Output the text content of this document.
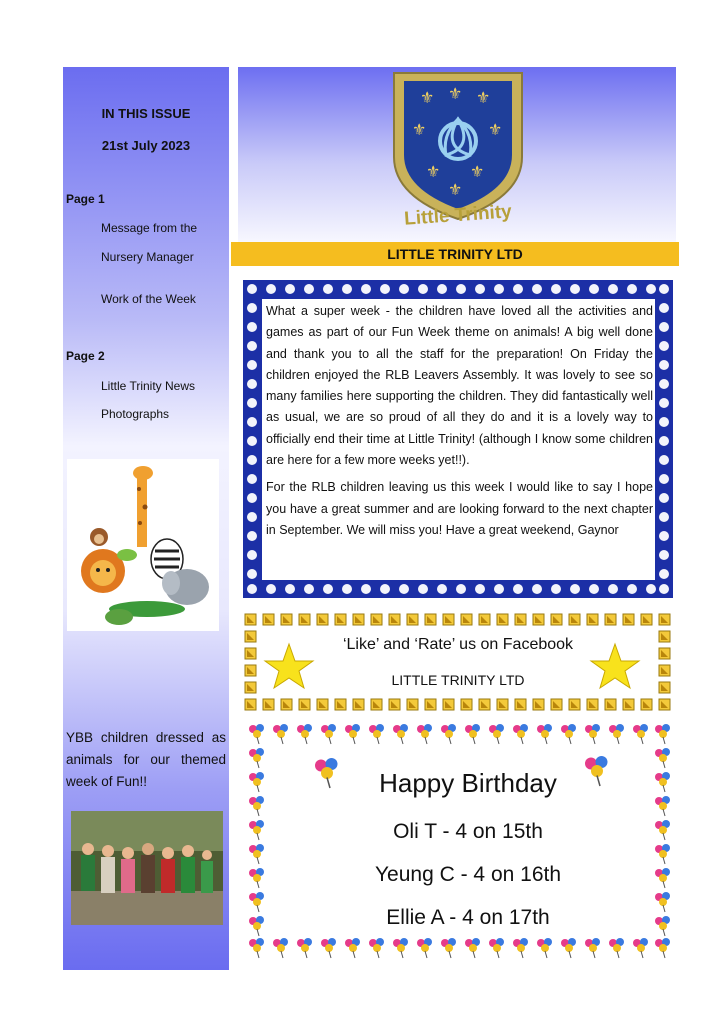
IN THIS ISSUE
21st July 2023
Page 1
Message from the
Nursery Manager
Work of the Week
Page 2
Little Trinity News
Photographs
YBB children dressed as animals for our themed week of Fun!!
⚜ ⚜ ⚜
⚜	⚜
⚜ ⚜
⚜
Little Trinity
LITTLE TRINITY LTD

What a super week - the children have loved all the activities and games as part of our Fun Week theme on animals! A big well done and thank you to all the staff for the preparation! On Friday the children enjoyed the RLB Leavers Assembly. It was lovely to see so many families here supporting the children. They did fantastically well as usual, we are so proud of all they do and it is a lovely way to officially end their time at Little Trinity! (although I know some children are here for a few more weeks yet!!).

For the RLB children leaving us this week I would like to say I hope you have a great summer and are looking forward to the next chapter in September. We will miss you! Have a great weekend, Gaynor

‘Like’ and ‘Rate’ us on Facebook
LITTLE TRINITY LTD
Happy Birthday
Oli T - 4 on 15th
Yeung C - 4 on 16th
Ellie A - 4 on 17th
